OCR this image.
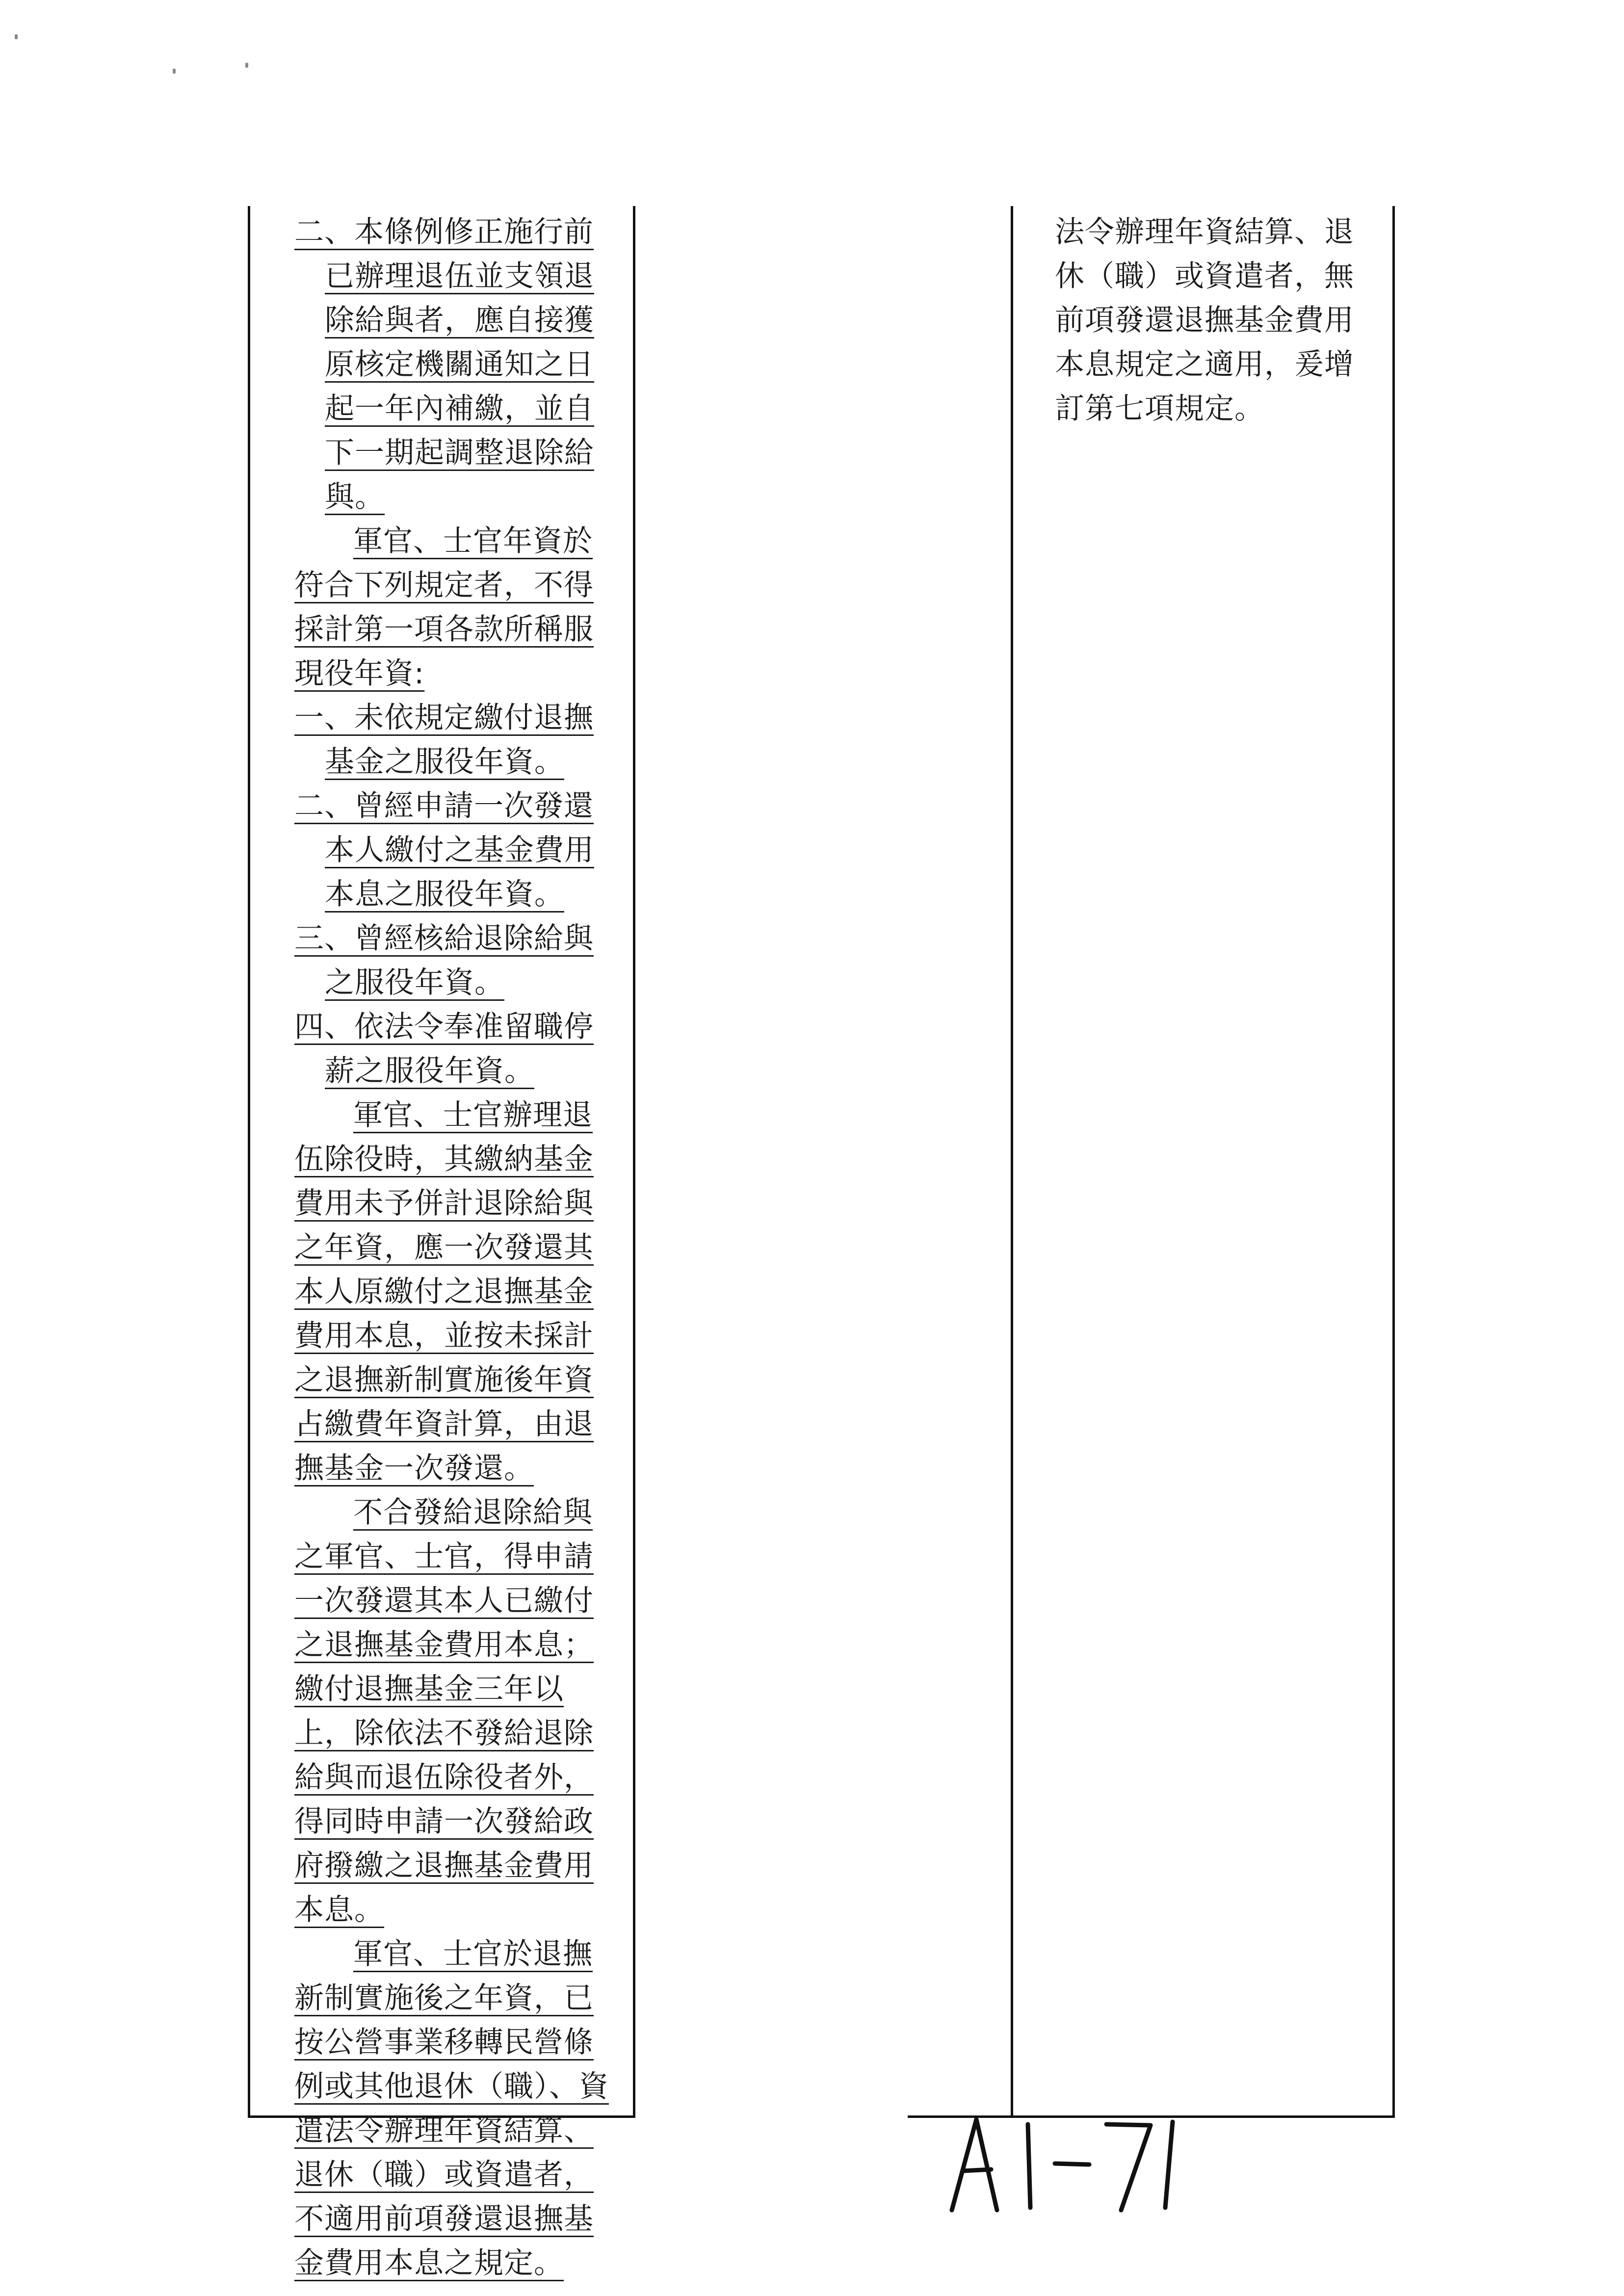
二、本條例修正施行前已辦理退伍並支領退除給與者，應自接獲原核定機關通知之日起一年內補繳，並自下一期起調整退除給與。

軍官、士官年資於符合下列規定者，不得採計第一項各款所稱服現役年資:

一、未依規定繳付退撫基金之服役年資。

二、曾經申請一次發還本人繳付之基金費用本息之服役年資。

三、曾經核給退除給與之服役年資。

四、依法令奉准留職停薪之服役年資。

軍官、士官辦理退伍除役時，其繳納基金費用未予併計退除給與之年資，應一次發還其本人原繳付之退撫基金費用本息，並按未採計之退撫新制實施後年資占繳費年資計算，由退撫基金一次發還。

不合發給退除給與之軍官、士官，得申請一次發還其本人已繳付之退撫基金費用本息；繳付退撫基金三年以上，除依法不發給退除給與而退伍除役者外，得同時申請一次發給政府撥繳之退撫基金費用本息。

軍官、士官於退撫新制實施後之年資，已按公營事業移轉民營條例或其他退休（職）、資遣法令辦理年資結算、退休（職）或資遣者，不適用前項發還退撫基金費用本息之規定。

法令辦理年資結算、退休（職）或資遣者，無前項發還退撫基金費用本息規定之適用，爰增訂第七項規定。
